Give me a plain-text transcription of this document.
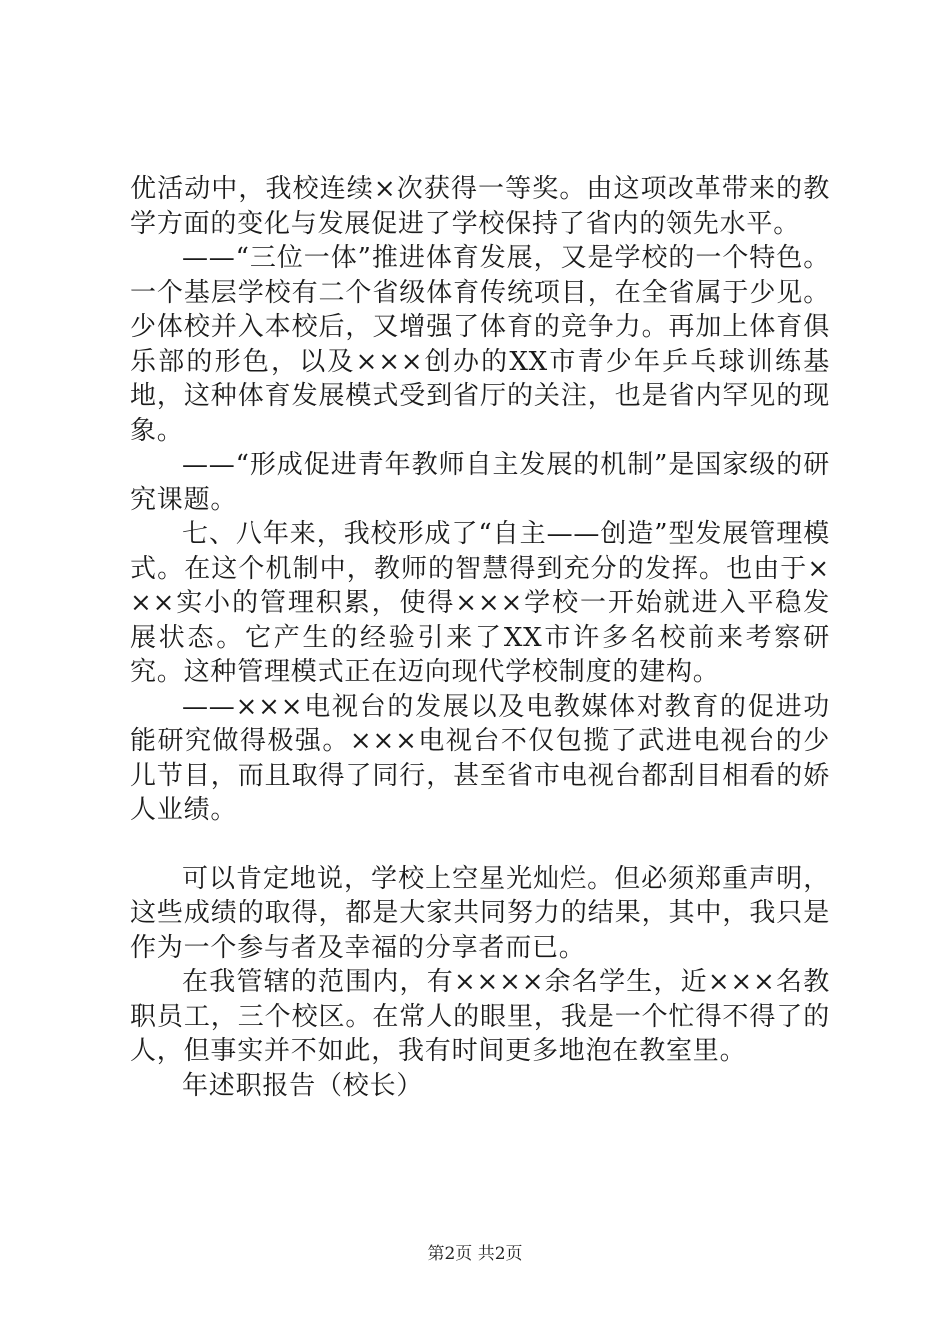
优活动中，我校连续×次获得一等奖。由这项改革带来的教学方面的变化与发展促进了学校保持了省内的领先水平。

——“三位一体”推进体育发展，又是学校的一个特色。一个基层学校有二个省级体育传统项目，在全省属于少见。少体校并入本校后，又增强了体育的竞争力。再加上体育俱乐部的形色，以及×××创办的XX市青少年乒乓球训练基地，这种体育发展模式受到省厅的关注，也是省内罕见的现象。

——“形成促进青年教师自主发展的机制”是国家级的研究课题。

七、八年来，我校形成了“自主——创造”型发展管理模式。在这个机制中，教师的智慧得到充分的发挥。也由于×××实小的管理积累，使得×××学校一开始就进入平稳发展状态。它产生的经验引来了XX市许多名校前来考察研究。这种管理模式正在迈向现代学校制度的建构。

——×××电视台的发展以及电教媒体对教育的促进功能研究做得极强。×××电视台不仅包揽了武进电视台的少儿节目，而且取得了同行，甚至省市电视台都刮目相看的娇人业绩。

可以肯定地说，学校上空星光灿烂。但必须郑重声明，这些成绩的取得，都是大家共同努力的结果，其中，我只是作为一个参与者及幸福的分享者而已。

在我管辖的范围内，有××××余名学生，近×××名教职员工，三个校区。在常人的眼里，我是一个忙得不得了的人，但事实并不如此，我有时间更多地泡在教室里。

年述职报告（校长）

第2页 共2页
